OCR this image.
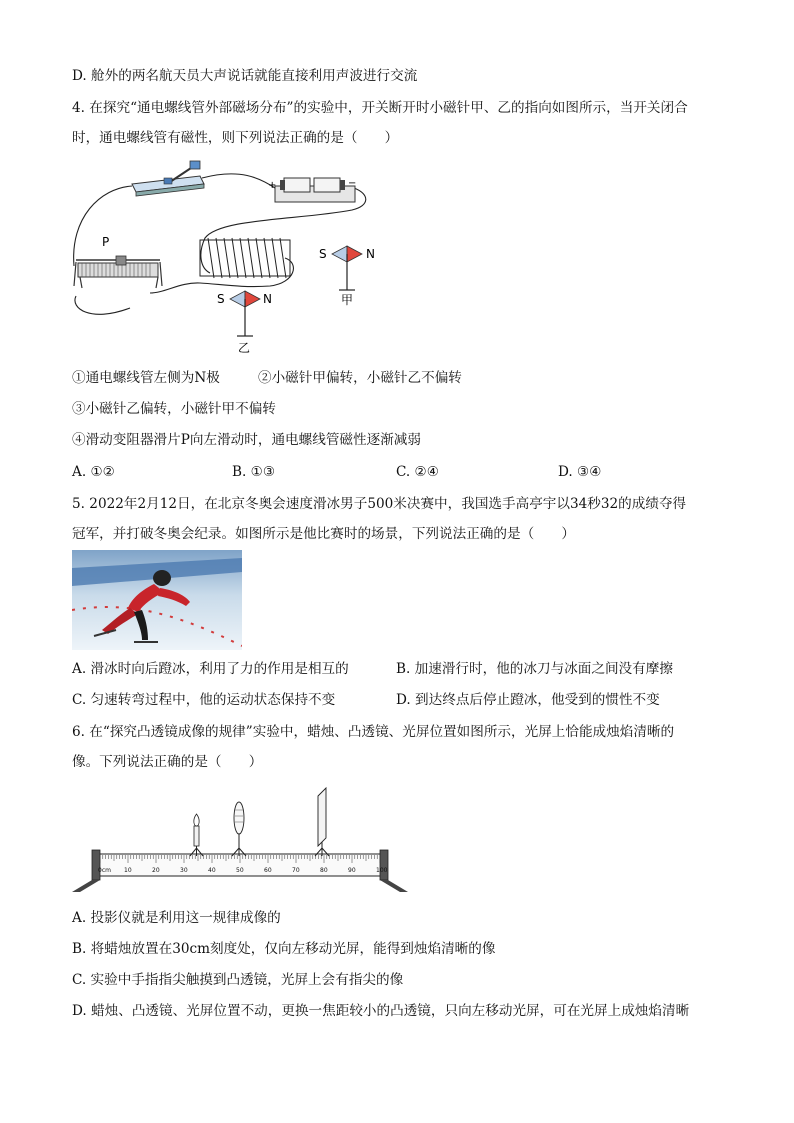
D. 舱外的两名航天员大声说话就能直接利用声波进行交流
4. 在探究“通电螺线管外部磁场分布”的实验中，开关断开时小磁针甲、乙的指向如图所示，当开关闭合
时，通电螺线管有磁性，则下列说法正确的是（　　）
+	−
P
S	N
甲
S	N
乙
①通电螺线管左侧为N极	②小磁针甲偏转，小磁针乙不偏转
③小磁针乙偏转，小磁针甲不偏转
④滑动变阻器滑片P向左滑动时，通电螺线管磁性逐渐减弱
A. ①②	B. ①③	C. ②④	D. ③④
5. 2022年2月12日，在北京冬奥会速度滑冰男子500米决赛中，我国选手高亭宇以34秒32的成绩夺得
冠军，并打破冬奥会纪录。如图所示是他比赛时的场景，下列说法正确的是（　　）
A. 滑冰时向后蹬冰，利用了力的作用是相互的	B. 加速滑行时，他的冰刀与冰面之间没有摩擦
C. 匀速转弯过程中，他的运动状态保持不变	D. 到达终点后停止蹬冰，他受到的惯性不变
6. 在“探究凸透镜成像的规律”实验中，蜡烛、凸透镜、光屏位置如图所示，光屏上恰能成烛焰清晰的
像。下列说法正确的是（　　）
0cm 10	20	30	40	50	60	70	80	90	100
A. 投影仪就是利用这一规律成像的
B. 将蜡烛放置在30cm刻度处，仅向左移动光屏，能得到烛焰清晰的像
C. 实验中手指指尖触摸到凸透镜，光屏上会有指尖的像
D. 蜡烛、凸透镜、光屏位置不动，更换一焦距较小的凸透镜，只向左移动光屏，可在光屏上成烛焰清晰
